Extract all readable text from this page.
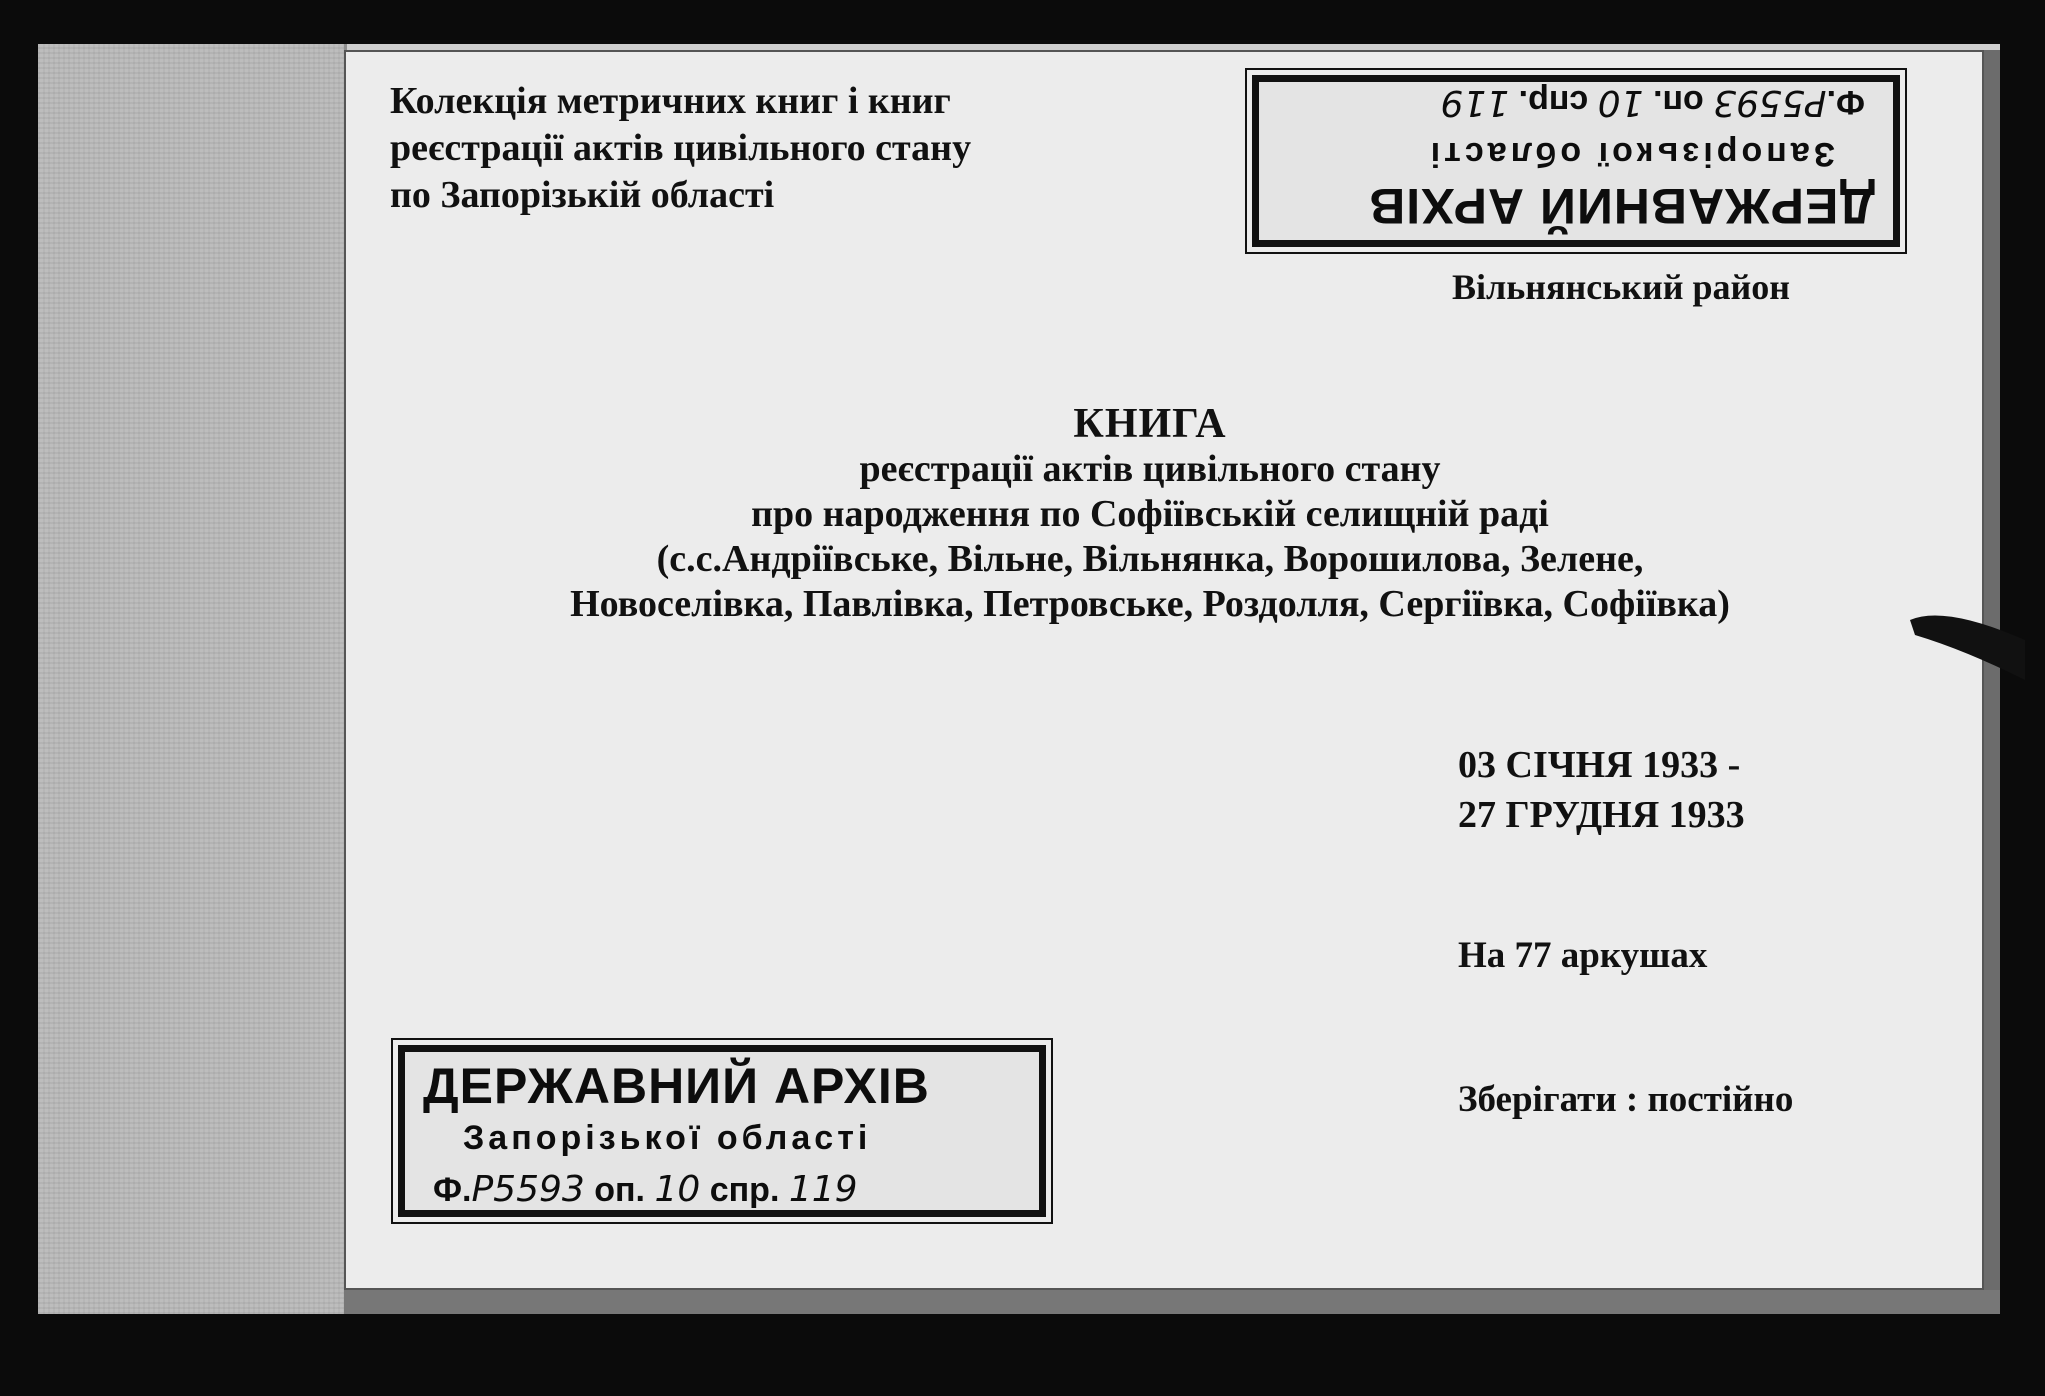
Колекція метричних книг і книг
реєстрації актів цивільного стану
по Запорізькій області	ДЕРЖАВНИЙ АРХІВ
Запорізької області
Ф.Р5593 оп. 10 спр. 119
Вільнянський район
КНИГА
реєстрації актів цивільного стану
про народження по Софіївській селищній раді
(с.с.Андріївське, Вільне, Вільнянка, Ворошилова, Зелене,
Новоселівка, Павлівка, Петровське, Роздолля, Сергіївка, Софіївка)
03 СІЧНЯ 1933 -
27 ГРУДНЯ 1933
На 77 аркушах
Зберігати : постійно
ДЕРЖАВНИЙ АРХІВ
Запорізької області
Ф.Р5593 оп. 10 спр. 119
